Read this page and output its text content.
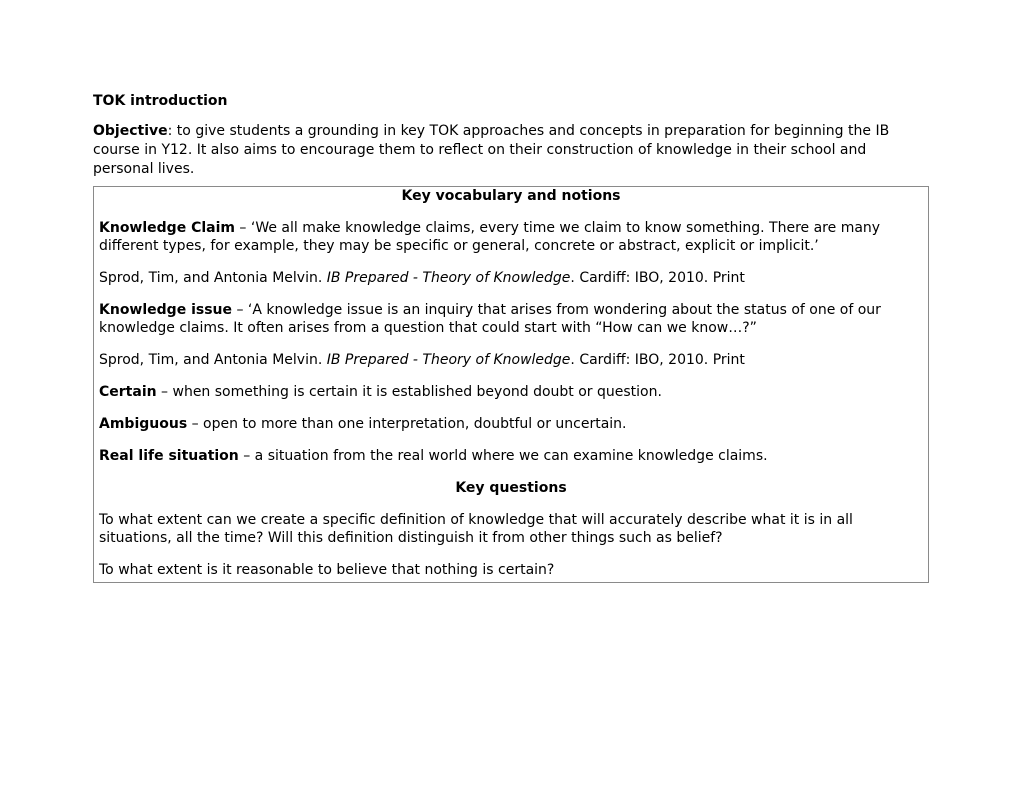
TOK introduction

Objective: to give students a grounding in key TOK approaches and concepts in preparation for beginning the IB course in Y12. It also aims to encourage them to reflect on their construction of knowledge in their school and personal lives.

Key vocabulary and notions

Knowledge Claim – ‘We all make knowledge claims, every time we claim to know something. There are many different types, for example, they may be specific or general, concrete or abstract, explicit or implicit.’

Sprod, Tim, and Antonia Melvin. IB Prepared - Theory of Knowledge. Cardiff: IBO, 2010. Print

Knowledge issue – ‘A knowledge issue is an inquiry that arises from wondering about the status of one of our knowledge claims. It often arises from a question that could start with “How can we know…?”

Sprod, Tim, and Antonia Melvin. IB Prepared - Theory of Knowledge. Cardiff: IBO, 2010. Print

Certain – when something is certain it is established beyond doubt or question.

Ambiguous – open to more than one interpretation, doubtful or uncertain.

Real life situation – a situation from the real world where we can examine knowledge claims.

Key questions

To what extent can we create a specific definition of knowledge that will accurately describe what it is in all situations, all the time? Will this definition distinguish it from other things such as belief?

To what extent is it reasonable to believe that nothing is certain?
